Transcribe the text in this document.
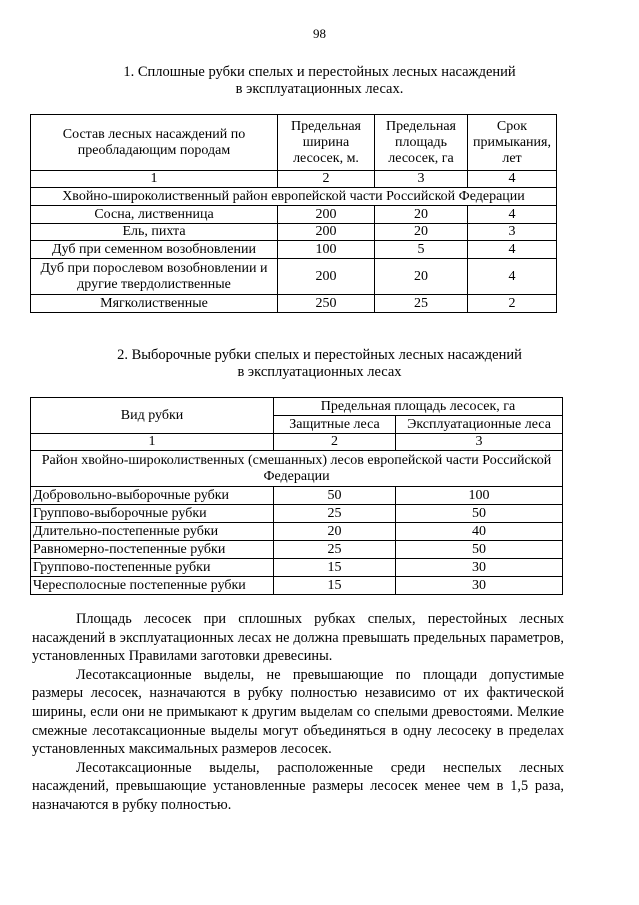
98
1. Сплошные рубки спелых и перестойных лесных насаждений
в эксплуатационных лесах.
Состав лесных насаждений по преобладающим породам	Предельная ширина лесосек, м.	Предельная площадь лесосек, га	Срок примыкания, лет
1	2	3	4
Хвойно-широколиственный район европейской части Российской Федерации			
Сосна, лиственница	200	20	4
Ель, пихта	200	20	3
Дуб при семенном возобновлении	100	5	4
Дуб при порослевом возобновлении и другие твердолиственные	200	20	4
Мягколиственные	250	25	2
2. Выборочные рубки спелых и перестойных лесных насаждений
в эксплуатационных лесах
Вид рубки	Предельная площадь лесосек, га	
	Защитные леса	Эксплуатационные леса
1	2	3
Район хвойно-широколиственных (смешанных) лесов европейской части Российской Федерации		
Добровольно-выборочные рубки	50	100
Группово-выборочные рубки	25	50
Длительно-постепенные рубки	20	40
Равномерно-постепенные рубки	25	50
Группово-постепенные рубки	15	30
Чересполосные постепенные рубки	15	30

Площадь лесосек при сплошных рубках спелых, перестойных лесных насаждений в эксплуатационных лесах не должна превышать предельных параметров, установленных Правилами заготовки древесины.

Лесотаксационные выделы, не превышающие по площади допустимые размеры лесосек, назначаются в рубку полностью независимо от их фактической ширины, если они не примыкают к другим выделам со спелыми древостоями. Мелкие смежные лесотаксационные выделы могут объединяться в одну лесосеку в пределах установленных максимальных размеров лесосек.

Лесотаксационные выделы, расположенные среди неспелых лесных насаждений, превышающие установленные размеры лесосек менее чем в 1,5 раза, назначаются в рубку полностью.
